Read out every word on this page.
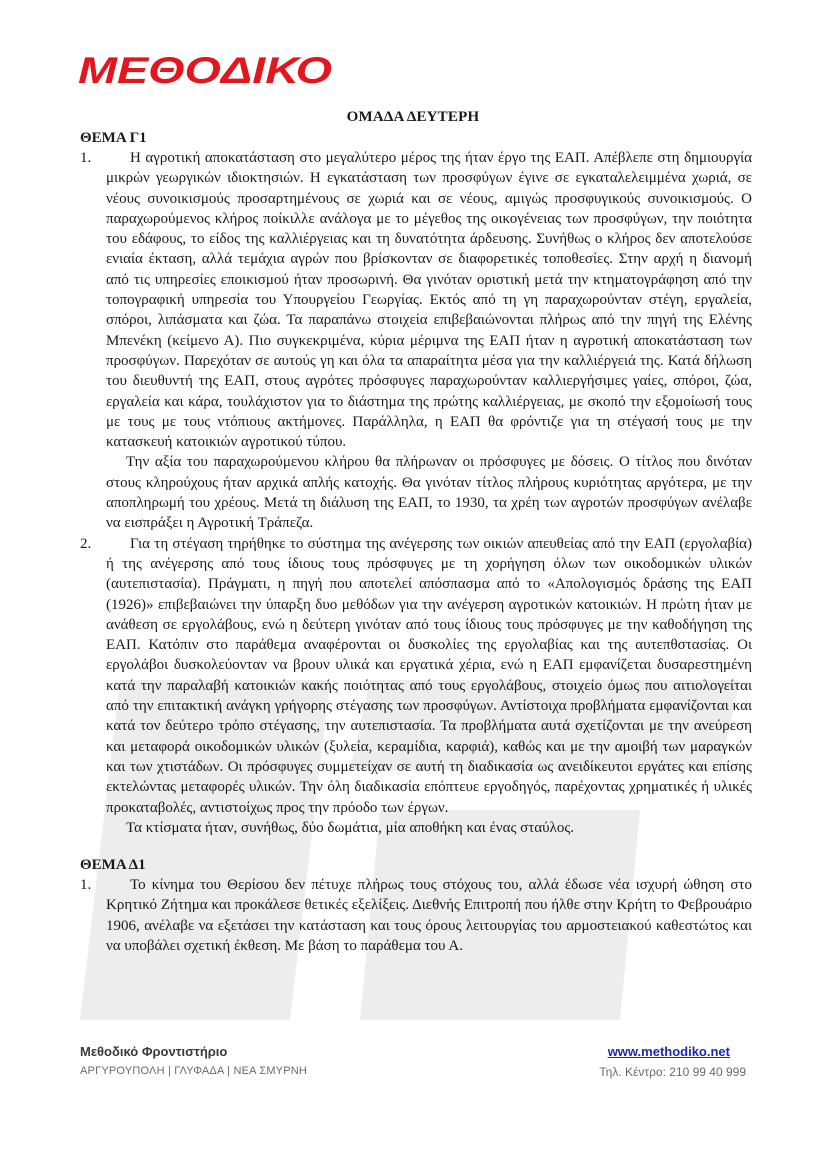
ΜΕΘΟΔΙΚΟ
ΟΜΑΔΑ ΔΕΥΤΕΡΗ
ΘΕΜΑ Γ1
1.	Η αγροτική αποκατάσταση στο μεγαλύτερο μέρος της ήταν έργο της ΕΑΠ. Απέβλεπε στη δημιουργία μικρών γεωργικών ιδιοκτησιών. Η εγκατάσταση των προσφύγων έγινε σε εγκαταλελειμμένα χωριά, σε νέους συνοικισμούς προσαρτημένους σε χωριά και σε νέους, αμιγώς προσφυγικούς συνοικισμούς. Ο παραχωρούμενος κλήρος ποίκιλλε ανάλογα με το μέγεθος της οικογένειας των προσφύγων, την ποιότητα του εδάφους, το είδος της καλλιέργειας και τη δυνατότητα άρδευσης. Συνήθως ο κλήρος δεν αποτελούσε ενιαία έκταση, αλλά τεμάχια αγρών που βρίσκονταν σε διαφορετικές τοποθεσίες. Στην αρχή η διανομή από τις υπηρεσίες εποικισμού ήταν προσωρινή. Θα γινόταν οριστική μετά την κτηματογράφηση από την τοπογραφική υπηρεσία του Υπουργείου Γεωργίας. Εκτός από τη γη παραχωρούνταν στέγη, εργαλεία, σπόροι, λιπάσματα και ζώα. Τα παραπάνω στοιχεία επιβεβαιώνονται πλήρως από την πηγή της Ελένης Μπενέκη (κείμενο Α). Πιο συγκεκριμένα, κύρια μέριμνα της ΕΑΠ ήταν η αγροτική αποκατάσταση των προσφύγων. Παρεχόταν σε αυτούς γη και όλα τα απαραίτητα μέσα για την καλλιέργειά της. Κατά δήλωση του διευθυντή της ΕΑΠ, στους αγρότες πρόσφυγες παραχωρούνταν καλλιεργήσιμες γαίες, σπόροι, ζώα, εργαλεία και κάρα, τουλάχιστον για το διάστημα της πρώτης καλλιέργειας, με σκοπό την εξομοίωσή τους με τους με τους ντόπιους ακτήμονες. Παράλληλα, η ΕΑΠ θα φρόντιζε για τη στέγασή τους με την κατασκευή κατοικιών αγροτικού τύπου.

Την αξία του παραχωρούμενου κλήρου θα πλήρωναν οι πρόσφυγες με δόσεις. Ο τίτλος που δινόταν στους κληρούχους ήταν αρχικά απλής κατοχής. Θα γινόταν τίτλος πλήρους κυριότητας αργότερα, με την αποπληρωμή του χρέους. Μετά τη διάλυση της ΕΑΠ, το 1930, τα χρέη των αγροτών προσφύγων ανέλαβε να εισπράξει η Αγροτική Τράπεζα.

2.	Για τη στέγαση τηρήθηκε το σύστημα της ανέγερσης των οικιών απευθείας από την ΕΑΠ (εργολαβία) ή της ανέγερσης από τους ίδιους τους πρόσφυγες με τη χορήγηση όλων των οικοδομικών υλικών (αυτεπιστασία). Πράγματι, η πηγή που αποτελεί απόσπασμα από το «Απολογισμός δράσης της ΕΑΠ (1926)» επιβεβαιώνει την ύπαρξη δυο μεθόδων για την ανέγερση αγροτικών κατοικιών. Η πρώτη ήταν με ανάθεση σε εργολάβους, ενώ η δεύτερη γινόταν από τους ίδιους τους πρόσφυγες με την καθοδήγηση της ΕΑΠ. Κατόπιν στο παράθεμα αναφέρονται οι δυσκολίες της εργολαβίας και της αυτεπθστασίας. Οι εργολάβοι δυσκολεύονταν να βρουν υλικά και εργατικά χέρια, ενώ η ΕΑΠ εμφανίζεται δυσαρεστημένη κατά την παραλαβή κατοικιών κακής ποιότητας από τους εργολάβους, στοιχείο όμως που αιτιολογείται από την επιτακτική ανάγκη γρήγορης στέγασης των προσφύγων. Αντίστοιχα προβλήματα εμφανίζονται και κατά τον δεύτερο τρόπο στέγασης, την αυτεπιστασία. Τα προβλήματα αυτά σχετίζονται με την ανεύρεση και μεταφορά οικοδομικών υλικών (ξυλεία, κεραμίδια, καρφιά), καθώς και με την αμοιβή των μαραγκών και των χτιστάδων. Οι πρόσφυγες συμμετείχαν σε αυτή τη διαδικασία ως ανειδίκευτοι εργάτες και επίσης εκτελώντας μεταφορές υλικών. Την όλη διαδικασία επόπτευε εργοδηγός, παρέχοντας χρηματικές ή υλικές προκαταβολές, αντιστοίχως προς την πρόοδο των έργων.

Τα κτίσματα ήταν, συνήθως, δύο δωμάτια, μία αποθήκη και ένας σταύλος.

ΘΕΜΑ Δ1
1.	Το κίνημα του Θερίσου δεν πέτυχε πλήρως τους στόχους του, αλλά έδωσε νέα ισχυρή ώθηση στο Κρητικό Ζήτημα και προκάλεσε θετικές εξελίξεις. Διεθνής Επιτροπή που ήλθε στην Κρήτη το Φεβρουάριο 1906, ανέλαβε να εξετάσει την κατάσταση και τους όρους λειτουργίας του αρμοστειακού καθεστώτος και να υποβάλει σχετική έκθεση. Με βάση το παράθεμα του Α.

Μεθοδικό Φροντιστήριο
ΑΡΓΥΡΟΥΠΟΛΗ | ΓΛΥΦΑΔΑ | ΝΕΑ ΣΜΥΡΝΗ
www.methodiko.net
Τηλ. Κέντρο: 210 99 40 999
